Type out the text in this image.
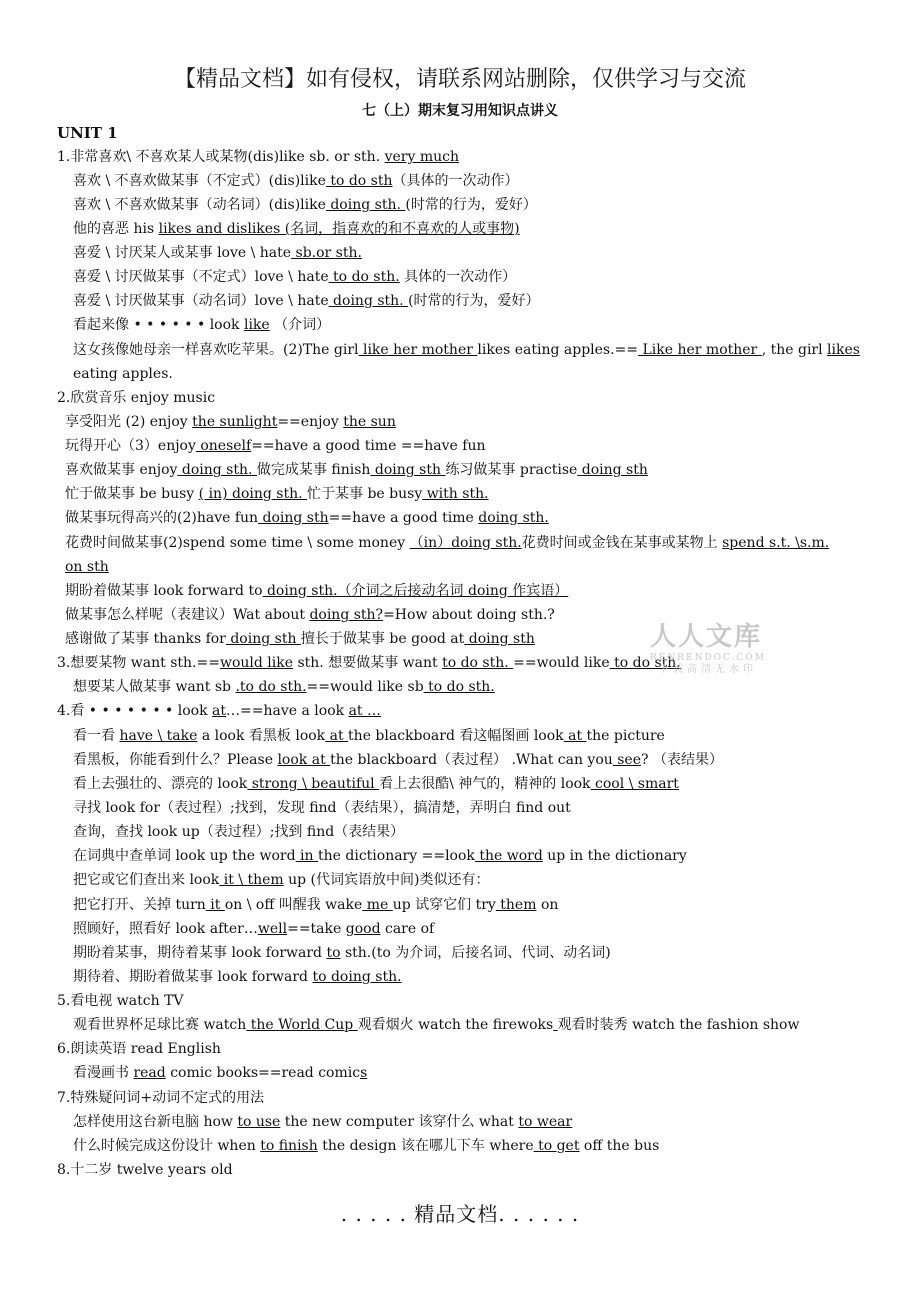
【精品文档】如有侵权，请联系网站删除，仅供学习与交流
七（上）期末复习用知识点讲义
UNIT 1
1.非常喜欢\ 不喜欢某人或某物(dis)like sb. or sth. very much
喜欢 \ 不喜欢做某事（不定式）(dis)like to do sth（具体的一次动作）
喜欢 \ 不喜欢做某事（动名词）(dis)like doing sth. (时常的行为，爱好）
他的喜恶 his likes and dislikes (名词，指喜欢的和不喜欢的人或事物)
喜爱 \ 讨厌某人或某事 love \ hate sb.or sth.
喜爱 \ 讨厌做某事（不定式）love \ hate to do sth. 具体的一次动作）
喜爱 \ 讨厌做某事（动名词）love \ hate doing sth. (时常的行为，爱好）
看起来像 • • • • • • look like （介词）
这女孩像她母亲一样喜欢吃苹果。(2)The girl like her mother likes eating apples.== Like her mother , the girl likes
eating apples.
2.欣赏音乐 enjoy music
享受阳光 (2) enjoy the sunlight==enjoy the sun
玩得开心（3）enjoy oneself==have a good time ==have fun
喜欢做某事 enjoy doing sth. 做完成某事 finish doing sth 练习做某事 practise doing sth
忙于做某事 be busy ( in) doing sth. 忙于某事 be busy with sth.
做某事玩得高兴的(2)have fun doing sth==have a good time doing sth.
花费时间做某事(2)spend some time \ some money （in）doing sth.花费时间或金钱在某事或某物上 spend s.t. \s.m.
on sth
期盼着做某事 look forward to doing sth.（介词之后接动名词 doing 作宾语）
做某事怎么样呢（表建议）Wat about doing sth?=How about doing sth.?
感谢做了某事 thanks for doing sth 擅长于做某事 be good at doing sth
3.想要某物 want sth.==would like sth. 想要做某事 want to do sth. ==would like to do sth.
想要某人做某事 want sb .to do sth.==would like sb to do sth.
4.看 • • • • • • • look at…==have a look at …
看一看 have \ take a look 看黑板 look at the blackboard 看这幅图画 look at the picture
看黑板，你能看到什么？Please look at the blackboard（表过程） .What can you see? （表结果）
看上去强壮的、漂亮的 look strong \ beautiful 看上去很酷\ 神气的，精神的 look cool \ smart
寻找 look for（表过程）;找到，发现 find（表结果），搞清楚，弄明白 find out
查询，查找 look up（表过程）;找到 find（表结果）
在词典中查单词 look up the word in the dictionary ==look the word up in the dictionary
把它或它们查出来 look it \ them up (代词宾语放中间)类似还有：
把它打开、关掉 turn it on \ off 叫醒我 wake me up 试穿它们 try them on
照顾好，照看好 look after…well==take good care of
期盼着某事，期待着某事 look forward to sth.(to 为介词，后接名词、代词、动名词)
期待着、期盼着做某事 look forward to doing sth.
5.看电视 watch TV
观看世界杯足球比赛 watch the World Cup 观看烟火 watch the firewoks 观看时装秀 watch the fashion show
6.朗读英语 read English
看漫画书 read comic books==read comics
7.特殊疑问词+动词不定式的用法
怎样使用这台新电脑 how to use the new computer 该穿什么 what to wear
什么时候完成这份设计 when to finish the design 该在哪儿下车 where to get off the bus
8.十二岁 twelve years old
人人文库
RENRENDOC.COM
下载高清无水印
. . . . . 精品文档. . . . . .
